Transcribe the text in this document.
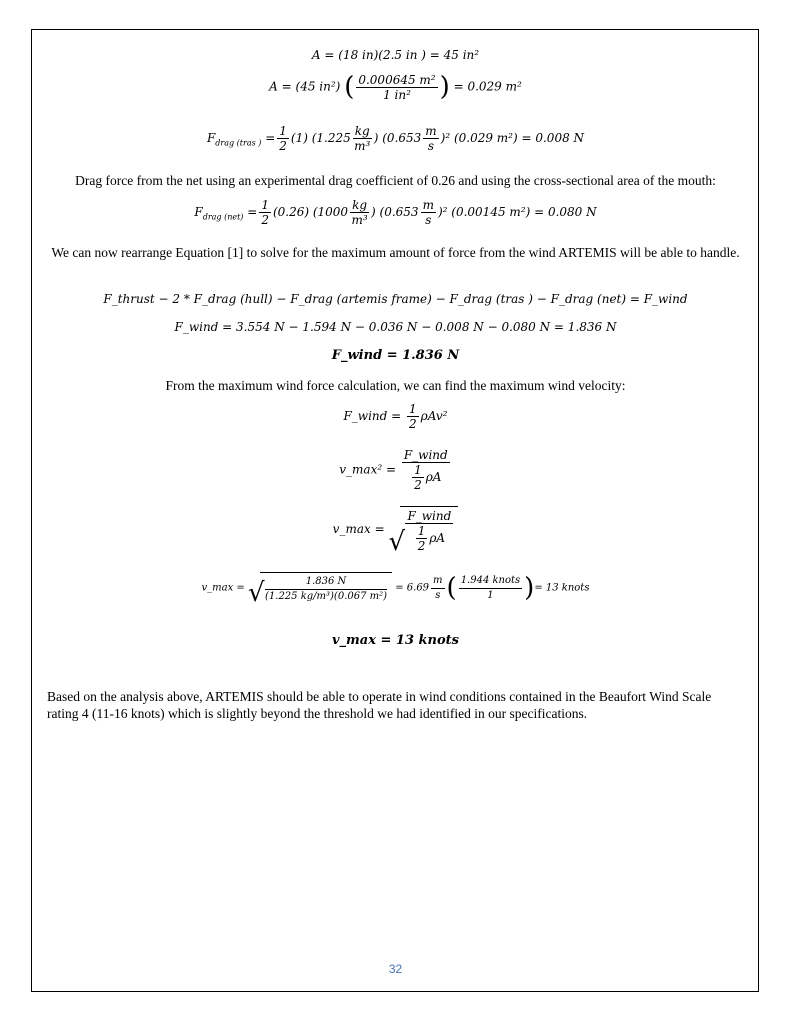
A = (18 in)(2.5 in ) = 45 in²
A = (45 in²) ( $\frac{\text{0.000645 m²}}{\text{1 in²}}$ ) = 0.029 m²
$F_{drag (tras )} = \frac{1}{2} (1)$ ($1.225 \frac{kg}{\text{m³}}$ ) $(0.653 \frac{m}{s} )^2$ (0.029 m²) = 0.008 N
Drag force from the net using an experimental drag coefficient of 0.26 and using the cross-sectional area of the mouth:
$F_{drag (net)} = \frac{1}{2} (0.26)$ ($1000 \frac{kg}{\text{m³}}$ ) $(0.653 \frac{m}{s} )^2$ (0.00145 m²) = 0.080 N
We can now rearrange Equation [1] to solve for the maximum amount of force from the wind ARTEMIS will be able to handle.
F_thrust − 2 * F_drag (hull) − F_drag (artemis frame) − F_drag (tras ) − F_drag (net) = F_wind
F_wind = 3.554 N − 1.594 N − 0.036 N − 0.008 N − 0.080 N = 1.836 N
F_wind = 1.836 N
From the maximum wind force calculation, we can find the maximum wind velocity:
F_wind = $\frac{1}{2} \rho Av^2$
v_max² = $\frac{\text{F\_wind}}{\frac{1}{2} \rho A}$
v_max = √ $\frac{\text{F\_wind}}{\frac{1}{2} \rho A}$
v_max = √ $\frac{1.836 N}{\text{(1.225 kg/m³)(0.067 m²)}} = 6.69 \frac{m}{s}$ ( $\frac{\text{1.944 knots}}{1}$ )= 13 knots
v_max = 13 knots
Based on the analysis above, ARTEMIS should be able to operate in wind conditions contained in the Beaufort Wind Scale rating 4 (11-16 knots) which is slightly beyond the threshold we had identified in our specifications.
32
